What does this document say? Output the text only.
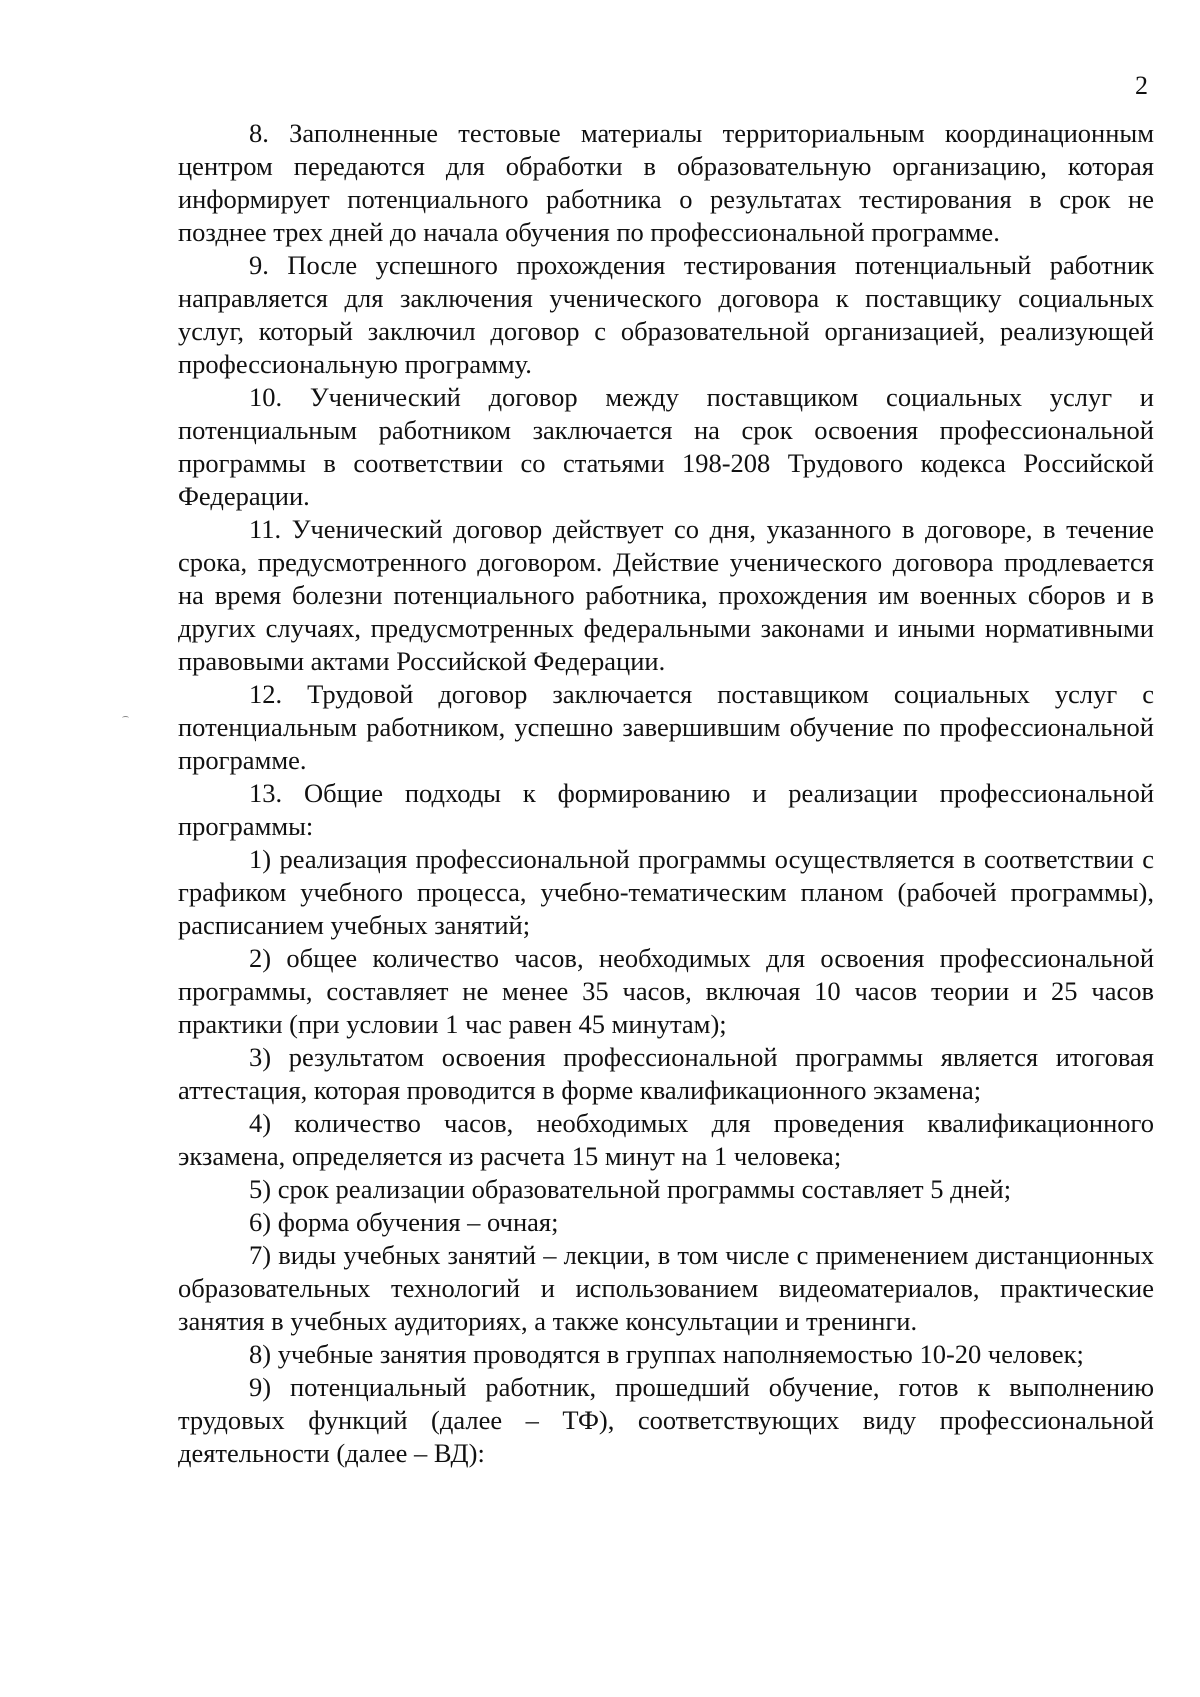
2

8. Заполненные тестовые материалы территориальным координационным центром передаются для обработки в образовательную организацию, которая информирует потенциального работника о результатах тестирования в срок не позднее трех дней до начала обучения по профессиональной программе.

9. После успешного прохождения тестирования потенциальный работник направляется для заключения ученического договора к поставщику социальных услуг, который заключил договор с образовательной организацией, реализующей профессиональную программу.

10. Ученический договор между поставщиком социальных услуг и потенциальным работником заключается на срок освоения профессиональной программы в соответствии со статьями 198-208 Трудового кодекса Российской Федерации.

11. Ученический договор действует со дня, указанного в договоре, в течение срока, предусмотренного договором. Действие ученического договора продлевается на время болезни потенциального работника, прохождения им военных сборов и в других случаях, предусмотренных федеральными законами и иными нормативными правовыми актами Российской Федерации.

12. Трудовой договор заключается поставщиком социальных услуг с потенциальным работником, успешно завершившим обучение по профессиональной программе.

13. Общие подходы к формированию и реализации профессиональной программы:

1) реализация профессиональной программы осуществляется в соответствии с графиком учебного процесса, учебно-тематическим планом (рабочей программы), расписанием учебных занятий;

2) общее количество часов, необходимых для освоения профессиональной программы, составляет не менее 35 часов, включая 10 часов теории и 25 часов практики (при условии 1 час равен 45 минутам);

3) результатом освоения профессиональной программы является итоговая аттестация, которая проводится в форме квалификационного экзамена;

4) количество часов, необходимых для проведения квалификационного экзамена, определяется из расчета 15 минут на 1 человека;

5) срок реализации образовательной программы составляет 5 дней;

6) форма обучения – очная;

7) виды учебных занятий – лекции, в том числе с применением дистанционных образовательных технологий и использованием видеоматериалов, практические занятия в учебных аудиториях, а также консультации и тренинги.

8) учебные занятия проводятся в группах наполняемостью 10-20 человек;

9) потенциальный работник, прошедший обучение, готов к выполнению трудовых функций (далее – ТФ), соответствующих виду профессиональной деятельности (далее – ВД):
